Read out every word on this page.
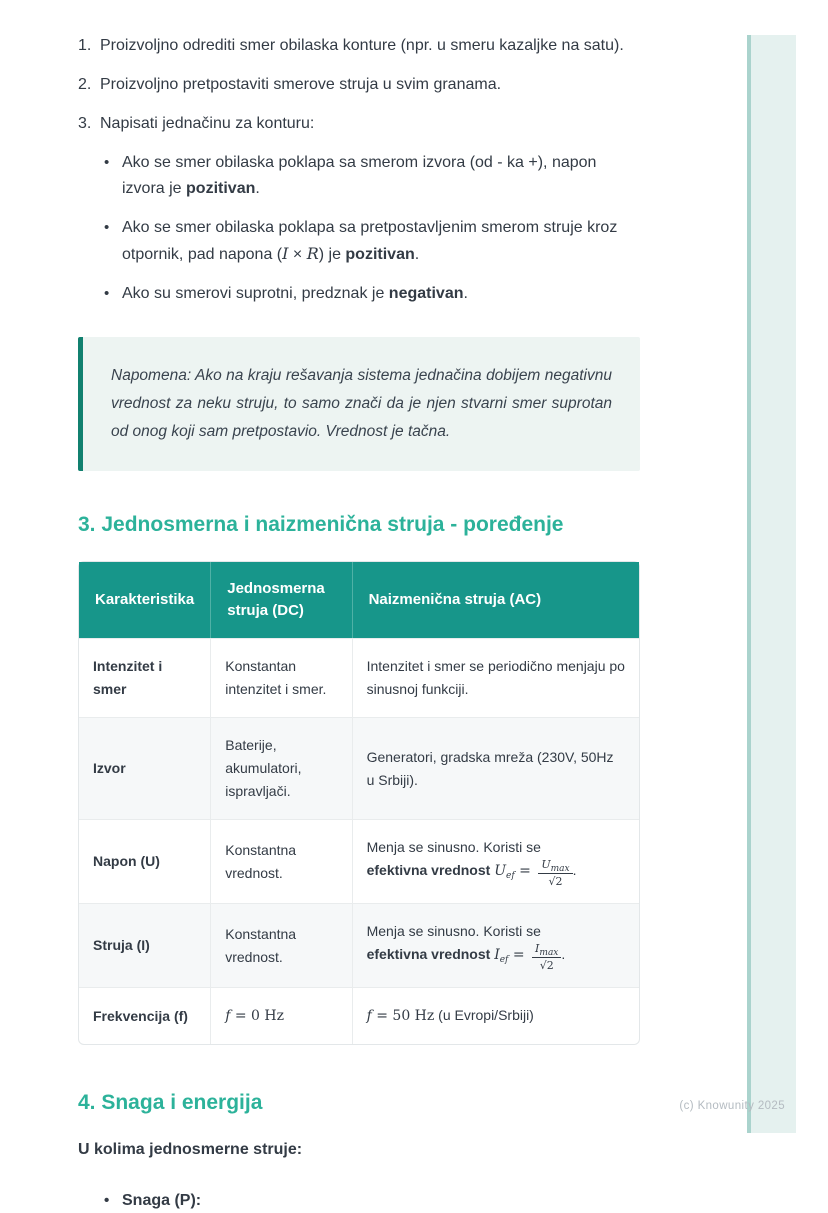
1. Proizvoljno odrediti smer obilaska konture (npr. u smeru kazaljke na satu).
2. Proizvoljno pretpostaviti smerove struja u svim granama.
3. Napisati jednačinu za konturu:
• Ako se smer obilaska poklapa sa smerom izvora (od - ka +), napon izvora je pozitivan.
• Ako se smer obilaska poklapa sa pretpostavljenim smerom struje kroz otpornik, pad napona (I × R) je pozitivan.
• Ako su smerovi suprotni, predznak je negativan.
Napomena: Ako na kraju rešavanja sistema jednačina dobijem negativnu vrednost za neku struju, to samo znači da je njen stvarni smer suprotan od onog koji sam pretpostavio. Vrednost je tačna.
3. Jednosmerna i naizmenična struja - poređenje
Karakteristika	Jednosmerna struja (DC)	Naizmenična struja (AC)
Intenzitet i smer	Konstantan intenzitet i smer.	Intenzitet i smer se periodično menjaju po sinusnoj funkciji.
Izvor	Baterije, akumulatori, ispravljači.	Generatori, gradska mreža (230V, 50Hz u Srbiji).
Napon (U)	Konstantna vrednost.	Menja se sinusno. Koristi se
efektivna vrednost $U_{ef} = \frac{U_{max}}{√2}$ .

Struja (I)	Konstantna vrednost.	Menja se sinusno. Koristi se
efektivna vrednost $I_{ef} = \frac{I_{max}}{√2}$ .

Frekvencija (f)	f = 0 Hz	f = 50 Hz (u Evropi/Srbiji)
4. Snaga i energija

U kolima jednosmerne struje:

• Snaga (P):
(c) Knowunity 2025
